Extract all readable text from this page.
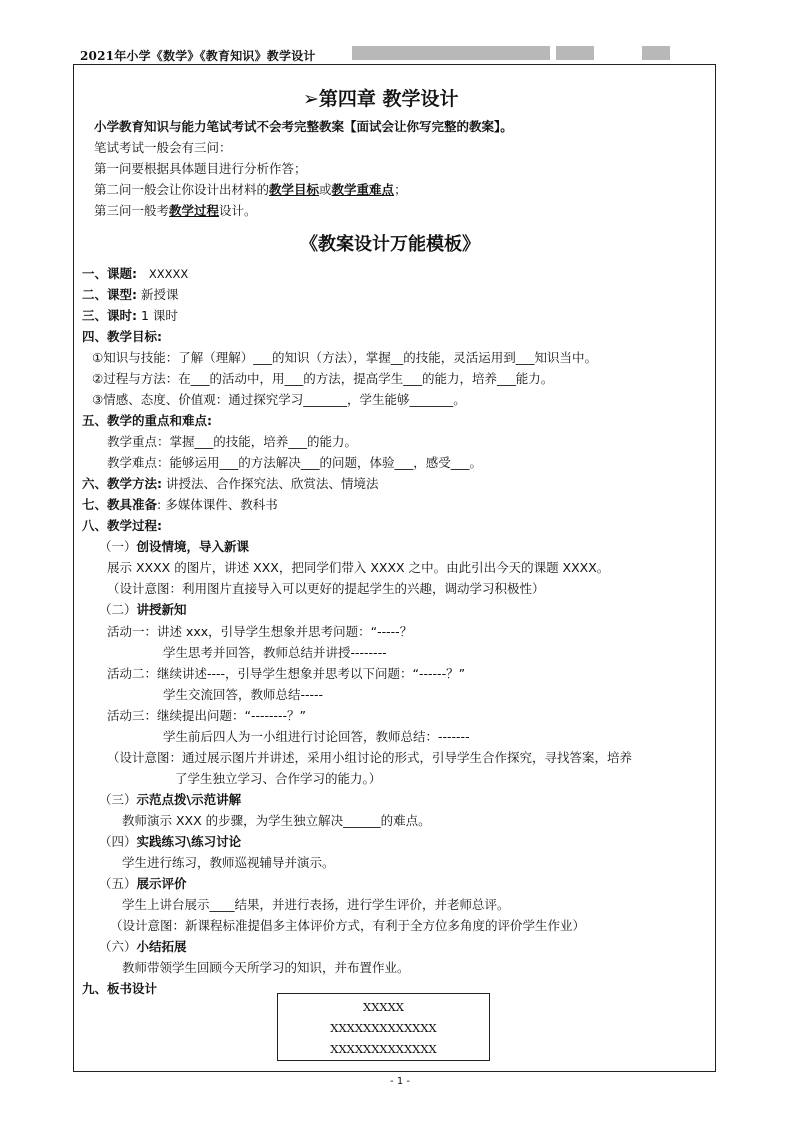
2021年小学《数学》《教育知识》教学设计
➢第四章 教学设计
小学教育知识与能力笔试考试不会考完整教案【面试会让你写完整的教案】。
笔试考试一般会有三问：
第一问要根据具体题目进行分析作答；
第二问一般会让你设计出材料的教学目标或教学重难点；
第三问一般考教学过程设计。
《教案设计万能模板》
一、课题: XXXXX
二、课型: 新授课
三、课时: 1 课时
四、教学目标:
①知识与技能：了解（理解）___的知识（方法），掌握__的技能，灵活运用到___知识当中。
②过程与方法：在___的活动中，用___的方法，提高学生___的能力，培养___能力。
③情感、态度、价值观：通过探究学习_______，学生能够_______。
五、教学的重点和难点:
教学重点：掌握___的技能，培养___的能力。
教学难点：能够运用___的方法解决___的问题，体验___，感受___。
六、教学方法: 讲授法、合作探究法、欣赏法、情境法
七、教具准备: 多媒体课件、教科书
八、教学过程:
（一）创设情境，导入新课
展示 XXXX 的图片，讲述 XXX，把同学们带入 XXXX 之中。由此引出今天的课题 XXXX。
（设计意图：利用图片直接导入可以更好的提起学生的兴趣，调动学习积极性）
（二）讲授新知
活动一：讲述 xxx，引导学生想象并思考问题：“-----？
学生思考并回答，教师总结并讲授--------
活动二：继续讲述----，引导学生想象并思考以下问题：“------？”
学生交流回答，教师总结-----
活动三：继续提出问题：“--------？”
学生前后四人为一小组进行讨论回答，教师总结：-------
（设计意图：通过展示图片并讲述，采用小组讨论的形式，引导学生合作探究，寻找答案，培养
了学生独立学习、合作学习的能力。）
（三）示范点拨\示范讲解
教师演示 XXX 的步骤，为学生独立解决______的难点。
（四）实践练习\练习讨论
学生进行练习，教师巡视辅导并演示。
（五）展示评价
学生上讲台展示____结果，并进行表扬，进行学生评价，并老师总评。
（设计意图：新课程标准提倡多主体评价方式，有利于全方位多角度的评价学生作业）
（六）小结拓展
教师带领学生回顾今天所学习的知识，并布置作业。
九、板书设计
XXXXX
XXXXXXXXXXXXX
XXXXXXXXXXXXX
- 1 -
